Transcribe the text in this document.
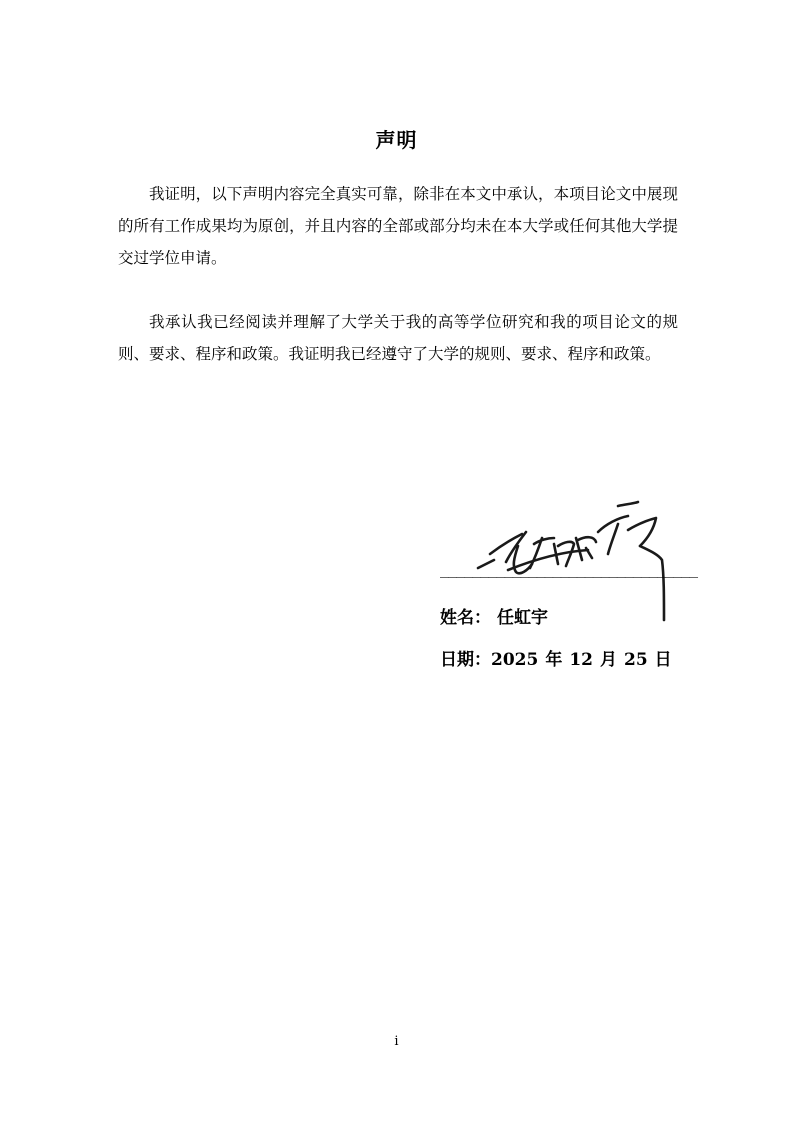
声明
我证明，以下声明内容完全真实可靠，除非在本文中承认，本项目论文中展现的所有工作成果均为原创，并且内容的全部或部分均未在本大学或任何其他大学提交过学位申请。
我承认我已经阅读并理解了大学关于我的高等学位研究和我的项目论文的规则、要求、程序和政策。我证明我已经遵守了大学的规则、要求、程序和政策。
________________________________
姓名： 任虹宇
日期：2025 年 12 月 25 日
i
